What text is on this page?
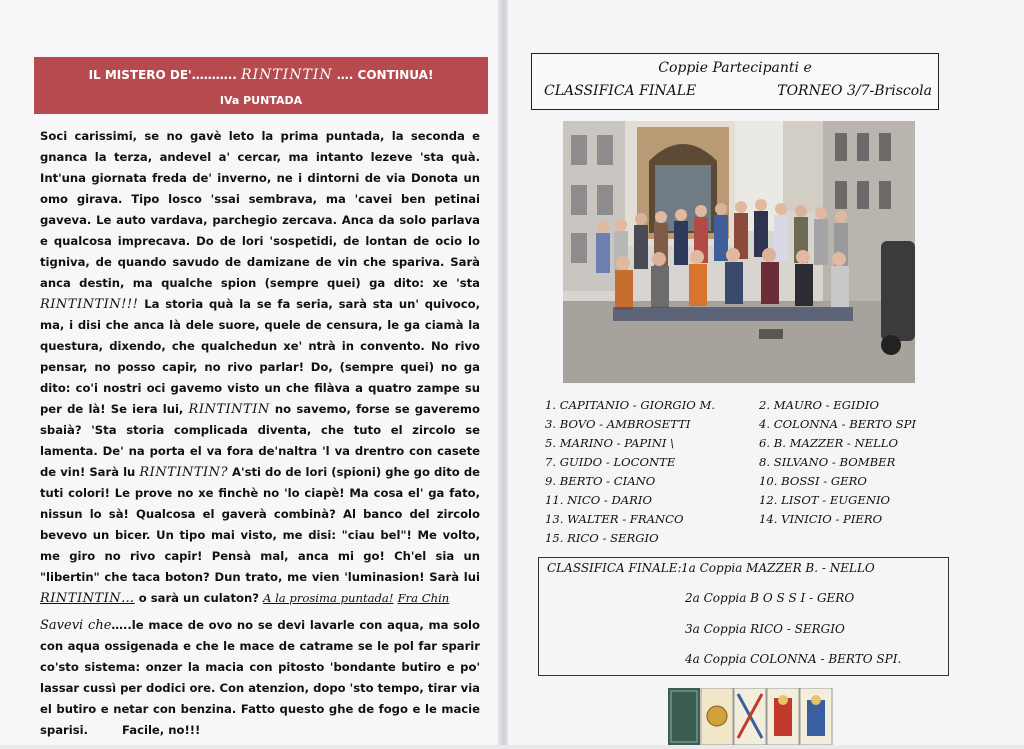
IL MISTERO DE'……….. RINTINTIN …. CONTINUA!
IVa PUNTADA

Soci carissimi, se no gavè leto la prima puntada, la seconda e gnanca la terza, andevel a' cercar, ma intanto lezeve 'sta quà. Int'una giornata freda de' inverno, ne i dintorni de via Donota un omo girava. Tipo losco 'ssai sembrava, ma 'cavei ben petinai gaveva. Le auto vardava, parchegio zercava. Anca da solo parlava e qualcosa imprecava. Do de lori 'sospetidi, de lontan de ocio lo tigniva, de quando savudo de damizane de vin che spariva. Sarà anca destin, ma qualche spion (sempre quei) ga dito: xe 'sta RINTINTIN!!! La storia quà la se fa seria, sarà sta un' quivoco, ma, i disi che anca là dele suore, quele de censura, le ga ciamà la questura, dixendo, che qualchedun xe' ntrà in convento. No rivo pensar, no posso capir, no rivo parlar! Do, (sempre quei) no ga dito: co'i nostri oci gavemo visto un che filàva a quatro zampe su per de là! Se iera lui, RINTINTIN no savemo, forse se gaveremo sbaià? 'Sta storia complicada diventa, che tuto el zircolo se lamenta. De' na porta el va fora de'naltra 'l va drentro con casete de vin! Sarà lu RINTINTIN? A'sti do de lori (spioni) ghe go dito de tuti colori! Le prove no xe finchè no 'lo ciapè! Ma cosa el' ga fato, nissun lo sà! Qualcosa el gaverà combinà? Al banco del zircolo bevevo un bicer. Un tipo mai visto, me disi: "ciau bel"! Me volto, me giro no rivo capir! Pensà mal, anca mi go! Ch'el sia un "libertin" che taca boton? Dun trato, me vien 'luminasion! Sarà lui RINTINTIN… o sarà un culaton? A la prosima puntada! Fra Chin

Savevi che…..le mace de ovo no se devi lavarle con aqua, ma solo con aqua ossigenada e che le mace de catrame se le pol far sparir co'sto sistema: onzer la macia con pitosto 'bondante butiro e po' lassar cussì per dodici ore. Con atenzion, dopo 'sto tempo, tirar via el butiro e netar con benzina. Fatto questo ghe de fogo e le macie sparisi.	Facile, no!!!

Coppie Partecipanti e
CLASSIFICA FINALE	TORNEO 3/7-Briscola
1. CAPITANIO - GIORGIO M.
3. BOVO - AMBROSETTI
5. MARINO - PAPINI \
7. GUIDO - LOCONTE
9. BERTO - CIANO
11. NICO - DARIO
13. WALTER - FRANCO
15. RICO - SERGIO
2. MAURO - EGIDIO
4. COLONNA - BERTO SPI
6. B. MAZZER - NELLO
8. SILVANO - BOMBER
10. BOSSI - GERO
12. LISOT - EUGENIO
14. VINICIO - PIERO
CLASSIFICA FINALE: 1a Coppia MAZZER B. - NELLO
2a Coppia B O S S I - GERO
3a Coppia RICO - SERGIO
4a Coppia COLONNA - BERTO SPI.
